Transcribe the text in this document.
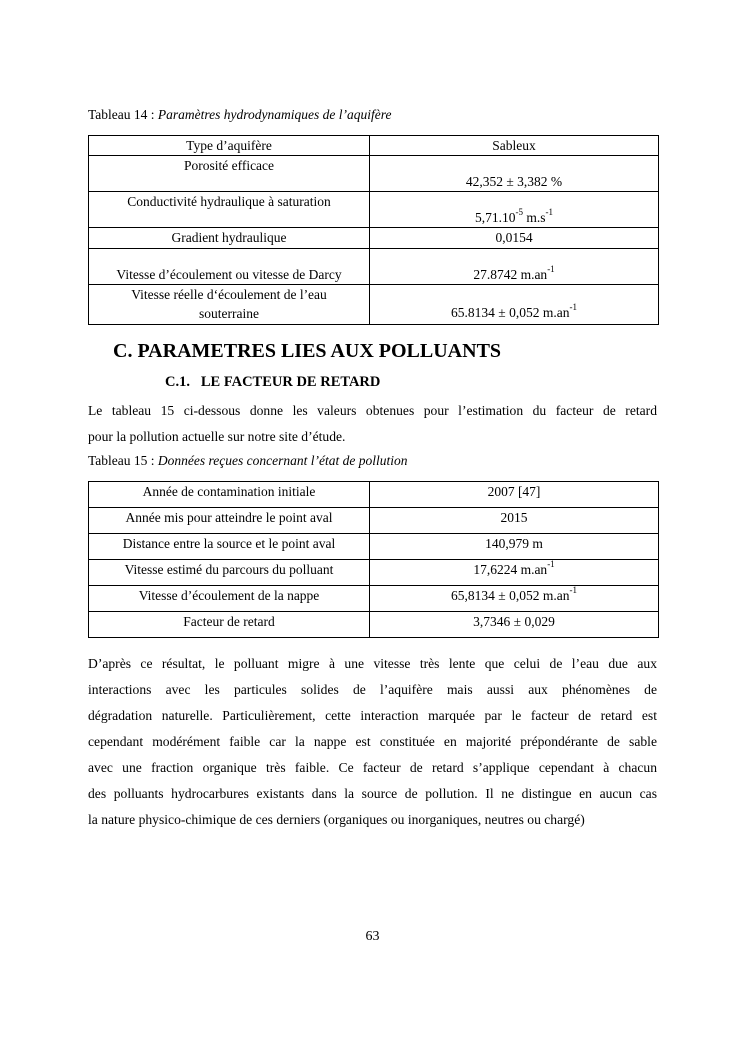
Tableau 14 : Paramètres hydrodynamiques de l’aquifère
Type d’aquifère	Sableux
Porosité efficace	42,352 ± 3,382 %
Conductivité hydraulique à saturation	$5,71.10^{-5}$ $m.s^{-1}$
Gradient hydraulique	0,0154
Vitesse d’écoulement ou vitesse de Darcy	27.8742 $m.an^{-1}$
Vitesse réelle d‘écoulement de l’eau
souterraine	65.8134 ± 0,052 $m.an^{-1}$
C. PARAMETRES LIES AUX POLLUANTS
C.1.   LE FACTEUR DE RETARD
Le tableau 15 ci-dessous donne les valeurs obtenues pour l’estimation du facteur de retard
pour la pollution actuelle sur notre site d’étude.
Tableau 15 : Données reçues concernant l’état de pollution
Année de contamination initiale	2007 [47]
Année mis pour atteindre le point aval	2015
Distance entre la source et le point aval	140,979 m
Vitesse estimé du parcours du polluant	17,6224 $m.an^{-1}$
Vitesse d’écoulement de la nappe	65,8134 ± 0,052 $m.an^{-1}$
Facteur de retard	3,7346 ± 0,029
D’après ce résultat, le polluant migre à une vitesse très lente que celui de l’eau due aux
interactions avec les particules solides de l’aquifère mais aussi aux phénomènes de
dégradation naturelle. Particulièrement, cette interaction marquée par le facteur de retard est
cependant modérément faible car la nappe est constituée en majorité prépondérante de sable
avec une fraction organique très faible. Ce facteur de retard s’applique cependant à chacun
des polluants hydrocarbures existants dans la source de pollution. Il ne distingue en aucun cas
la nature physico-chimique de ces derniers (organiques ou inorganiques, neutres ou chargé)
63
